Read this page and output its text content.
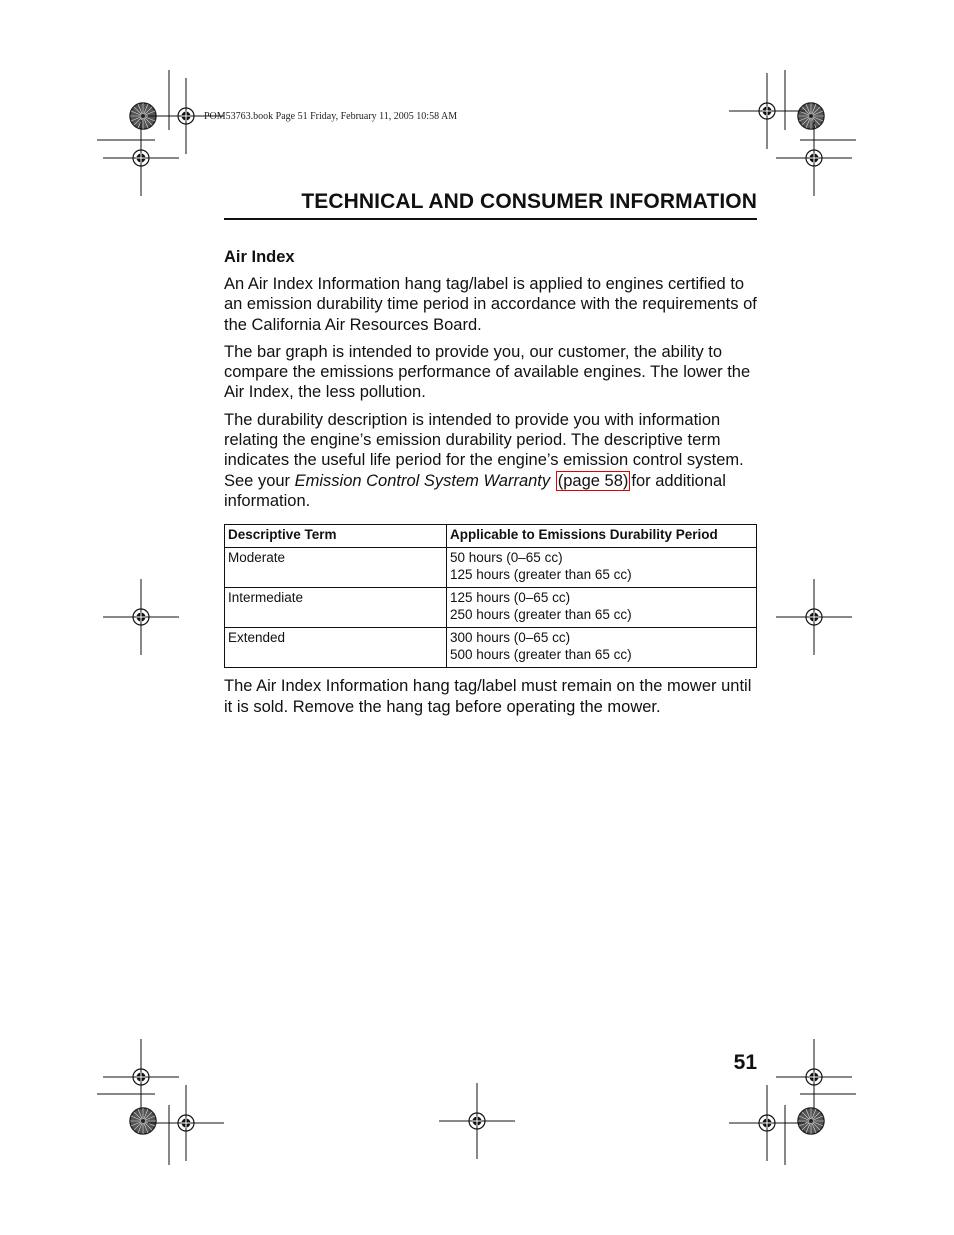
POM53763.book Page 51 Friday, February 11, 2005 10:58 AM
TECHNICAL AND CONSUMER INFORMATION
Air Index

An Air Index Information hang tag/label is applied to engines certified to an emission durability time period in accordance with the requirements of the California Air Resources Board.

The bar graph is intended to provide you, our customer, the ability to compare the emissions performance of available engines. The lower the Air Index, the less pollution.

The durability description is intended to provide you with information relating the engine’s emission durability period. The descriptive term indicates the useful life period for the engine’s emission control system. See your Emission Control System Warranty (page 58) for additional information.

Descriptive Term	Applicable to Emissions Durability Period
Moderate	50 hours (0–65 cc)
125 hours (greater than 65 cc)

Intermediate	125 hours (0–65 cc)
250 hours (greater than 65 cc)

Extended	300 hours (0–65 cc)
500 hours (greater than 65 cc)

The Air Index Information hang tag/label must remain on the mower until it is sold. Remove the hang tag before operating the mower.

51
